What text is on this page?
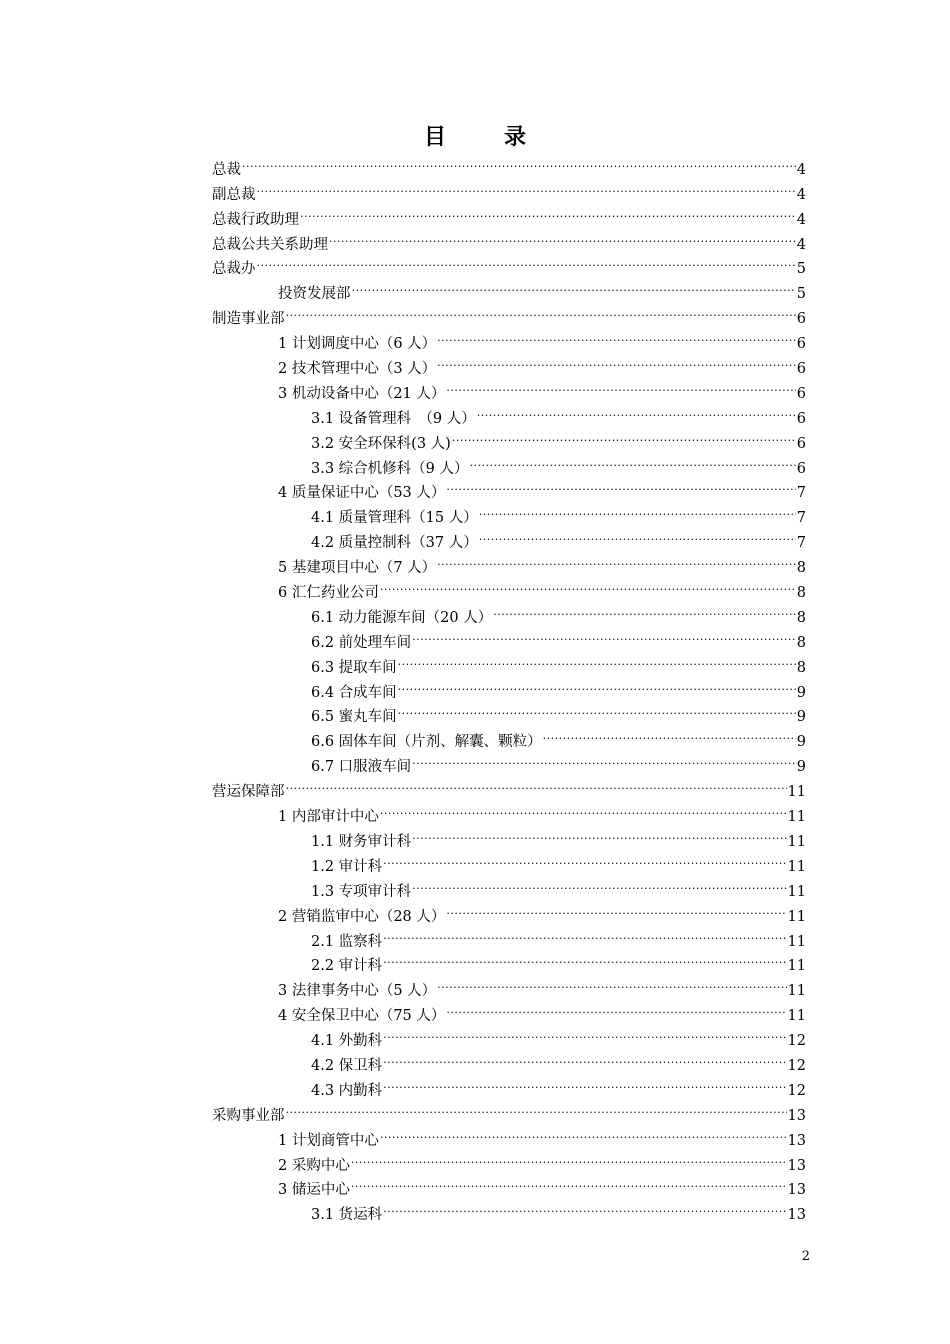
目	录
总裁 .....	4
副总裁 .....	4
总裁行政助理 .....	4
总裁公共关系助理 .....	4
总裁办 .....	5
投资发展部 .....	5
制造事业部 .....	6
1 计划调度中心（6 人） .....	6
2 技术管理中心（3 人） .....	6
3 机动设备中心（21 人） .....	6
3.1 设备管理科　（9 人） .....	6
3.2 安全环保科(3 人) .....	6
3.3 综合机修科（9 人） .....	6
4 质量保证中心（53 人） .....	7
4.1 质量管理科（15 人） .....	7
4.2 质量控制科（37 人） .....	7
5 基建项目中心（7 人） .....	8
6 汇仁药业公司 .....	8
6.1 动力能源车间（20 人） .....	8
6.2 前处理车间 .....	8
6.3 提取车间 .....	8
6.4 合成车间 .....	9
6.5 蜜丸车间 .....	9
6.6 固体车间（片剂、解囊、颗粒） .....	9
6.7 口服液车间 .....	9
营运保障部 .....	11
1 内部审计中心 .....	11
1.1 财务审计科 .....	11
1.2 审计科 .....	11
1.3 专项审计科 .....	11
2 营销监审中心（28 人） .....	11
2.1 监察科 .....	11
2.2 审计科 .....	11
3 法律事务中心（5 人） .....	11
4 安全保卫中心（75 人） .....	11
4.1 外勤科 .....	12
4.2 保卫科 .....	12
4.3 内勤科 .....	12
采购事业部 .....	13
1 计划商管中心 .....	13
2 采购中心 .....	13
3 储运中心 .....	13
3.1 货运科 .....	13
2
